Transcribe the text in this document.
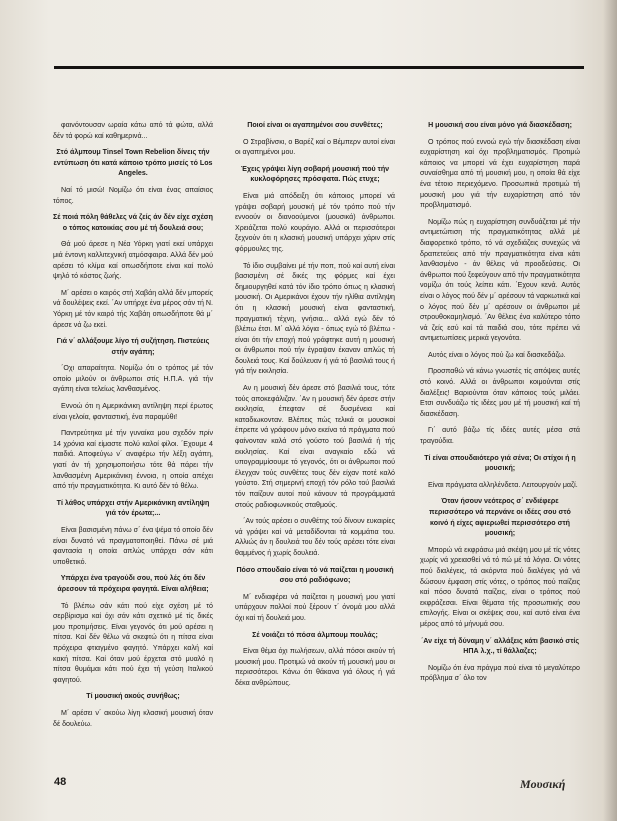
φαινόντουσαν ωραία κάτω από τά φώτα, αλλά δέν τά φορώ καί καθημερινά...

Στό άλμπουμ Tinsel Town Rebelion δίνεις τήν εντύπωση ότι κατά κάποιο τρόπο μισείς τό Los Angeles.

Ναί τό μισώ! Νομίζω ότι είναι ένας απαίσιος τόπος.

Σέ ποιά πόλη θάθελες νά ζείς άν δέν είχε σχέση ο τόπος κατοικίας σου μέ τή δουλειά σου;

Θά μού άρεσε η Νέα Υόρκη γιατί εκεί υπάρχει μιά έντονη καλλιτεχνική ατμόσφαιρα. Αλλά δέν μού αρέσει τό κλίμα καί οπωσδήποτε είναι καί πολύ ψηλό τό κόστος ζωής.

Μ΄ αρέσει ο καιρός στή Χαβάη αλλά δέν μπορείς νά δουλέψεις εκεί. ΄Αν υπήρχε ένα μέρος σάν τή Ν. Υόρκη μέ τόν καιρό τής Χαβάη οπωσδήποτε θά μ΄ άρεσε νά ζω εκεί.

Γιά ν΄ αλλάξουμε λίγο τή συζήτηση. Πιστεύεις στήν αγάπη;

΄Οχι απαραίτητα. Νομίζω ότι ο τρόπος μέ τόν οποίο μιλούν οι άνθρωποι στίς Η.Π.Α. γιά τήν αγάπη είναι τελείως λανθασμένος.

Εννοώ ότι η Αμερικάνικη αντίληψη περί έρωτος είναι γελοία, φανταστική, ένα παραμύθι!

Παντρεύτηκα μέ τήν γυναίκα μου σχεδόν πρίν 14 χρόνια καί είμαστε πολύ καλοί φίλοι. ΄Εχουμε 4 παιδιά. Αποφεύγω ν΄ αναφέρω τήν λέξη αγάπη, γιατί άν τή χρησιμοποιήσω τότε θά πάρει τήν λανθασμένη Αμερικάνικη έννοια, η οποία απέχει από τήν πραγματικότητα. Κι αυτό δέν τό θέλω.

Τί λάθος υπάρχει στήν Αμερικάνικη αντίληψη γιά τόν έρωτα;...

Είναι βασισμένη πάνω σ΄ ένα ψέμα τό οποίο δέν είναι δυνατό νά πραγματοποιηθεί. Πάνω σέ μιά φαντασία η οποία απλώς υπάρχει σάν κάτι υποθετικό.

Υπάρχει ένα τραγούδι σου, πού λές ότι δέν άρεσουν τά πρόχειρα φαγητά. Είναι αλήθεια;

Τό βλέπω σάν κάτι πού είχε σχέση μέ τό σερβίρισμα καί όχι σάν κάτι σχετικό μέ τίς δικές μου προτιμήσεις. Είναι γεγονός ότι μού αρέσει η πίτσα. Καί δέν θέλω νά σκεφτώ ότι η πίτσα είναι πρόχειρα φτιαγμένο φαγητό. Υπάρχει καλή καί κακή πίτσα. Καί όταν μού έρχεται στό μυαλό η πίτσα θυμάμαι κάτι πού έχει τή γεύση Ιταλικού φαγητού.

Τί μουσική ακούς συνήθως;

Μ΄ αρέσει ν΄ ακούω λίγη κλασική μουσική όταν δέ δουλεύω.

Ποιοί είναι οι αγαπημένοι σου συνθέτες;

Ο Στραβίνσκι, ο Βαρέζ καί ο Βέμπερν αυτοί είναι οι αγαπημένοι μου.

Έχεις γράψει λίγη σοβαρή μουσική πού τήν κυκλοφόρησες πρόσφατα. Πώς ετυχε;

Είναι μιά απόδειξη ότι κάποιος μπορεί νά γράψει σοβαρή μουσική μέ τόν τρόπο πού τήν εννοούν οι διανοούμενοι (μουσικά) άνθρωποι. Χρειάζεται πολύ κουράγιο. Αλλά οι περισσότεροι ξεχνούν ότι η κλασική μουσική υπάρχει χάριν στίς φόρμουλες της.

Τό ίδιο συμβαίνει μέ τήν ποπ, πού καί αυτή είναι βασισμένη σέ δικές της φόρμες καί έχει δημιουργηθεί κατά τόν ίδιο τρόπο όπως η κλασική μουσική. Οι Αμερικάνοι έχουν τήν ηλίθια αντίληψη ότι η κλασική μουσική είναι φανταστική, πραγματική τέχνη, γνήσια... αλλά εγώ δέν τό βλέπω έτσι. Μ΄ αλλά λόγια - όπως εγώ τό βλέπω - είναι ότι τήν εποχή πού γράφτηκε αυτή η μουσική οι άνθρωποι πού τήν έγραψαν έκαναν απλώς τή δουλειά τους. Καί δούλευαν ή γιά τό βασιλιά τους ή γιά τήν εκκλησία.

Αν η μουσική δέν άρεσε στό βασιλιά τους, τότε τούς αποκεφάλιζαν. ΄Αν η μουσική δέν άρεσε στήν εκκλησία, έπεφταν σέ δυσμένεια καί καταδιωκονταν. Βλέπεις πώς τελικά οι μουσικοί έπρεπε νά γράφουν μόνο εκείνα τά πράγματα πού φαίνονταν καλά στό γούστο τού βασιλιά ή τής εκκλησίας. Καί είναι αναγκαίο εδώ νά υπογραμμίσουμε τό γεγονός, ότι οι άνθρωποι πού έλεγχαν τούς συνθέτες τους δέν είχαν ποτέ καλό γούστο. Στή σημερινή εποχή τόν ρόλο τού βασιλιά τόν παίζουν αυτοί πού κάνουν τά προγράμματά στούς ραδιοφωνικούς σταθμούς.

΄Αν τούς αρέσει ο συνθέτης τού δίνουν ευκαιρίες νά γράψει καί νά μεταδίδονται τά κομμάτια του. Αλλιώς άν η δουλειά του δέν τούς αρέσει τότε είναι θαμμένος ή χωρίς δουλειά.

Πόσο σπουδαίο είναι τό νά παίζεται η μουσική σου στό ραδιόφωνο;

Μ΄ ενδιαφέρει νά παίζεται η μουσική μου γιατί υπάρχουν πολλοί πού ξέρουν τ΄ όνομά μου αλλά όχι καί τή δουλειά μου.

Σέ νοιάζει τό πόσα άλμπουμ πουλάς;

Είναι θέμα όχι πωλήσεων, αλλά πόσοι ακούν τή μουσική μου. Προτιμώ νά ακούν τή μουσική μου οι περισσότεροι. Κάνω ότι θάκανα γιά όλους ή γιά δέκα ανθρώπους.

Η μουσική σου είναι μόνο γιά διασκέδαση;

Ο τρόπος πού εννοώ εγώ τήν διασκέδαση είναι ευχαρίστηση καί όχι προβληματισμός. Προτιμώ κάποιος να μπορεί νά έχει ευχαρίστηση παρά συναίσθημα από τή μουσική μου, η οποία θά είχε ένα τέτοιο περιεχόμενο. Προσωπικά προτιμώ τή μουσική μου γιά τήν ευχαρίστηση από τόν προβληματισμό.

Νομίζω πώς η ευχαρίστηση συνδυάζεται μέ τήν αντιμετώπιση τής πραγματικότητας αλλά μέ διαφορετικό τρόπο, τό νά σχεδιάζεις συνεχώς νά δραπετεύεις από τήν πραγματικότητα είναι κάτι λανθασμένο - άν θέλεις νά προοδεύσεις. Οι άνθρωποι πού ξεφεύγουν από τήν πραγματικότητα νομίζω ότι τούς λείπει κάτι. ΄Εχουν κενά. Αυτός είναι ο λόγος πού δέν μ΄ αρέσουν τά ναρκωτικά καί ο λόγος πού δέν μ΄ αρέσουν οι άνθρωποι μέ στρουθοκαμηλισμό. ΄Αν θέλεις ένα καλύτερο τόπο νά ζείς εσύ καί τά παιδιά σου, τότε πρέπει νά αντιμετωπίσεις μερικά γεγονότα.

Αυτός είναι ο λόγος πού ζω καί διασκεδάζω.

Προσπαθώ νά κάνω γνωστές τίς απόψεις αυτές στό κοινό. Αλλά οι άνθρωποι κοιμούνται στίς διαλέξεις! Βαριούνται όταν κάποιος τούς μιλάει. Ετσι συνδυάζω τίς ιδέες μου μέ τή μουσική καί τή διασκέδαση.

Γι΄ αυτό βάζω τίς ιδέες αυτές μέσα στά τραγούδια.

Τί είναι σπουδαιότερο γιά σένα; Οι στίχοι ή η μουσική;

Είναι πράγματα αλληλένδετα. Λειτουργούν μαζί.

Όταν ήσουν νεότερος σ΄ ενδιέφερε περισσότερο νά περνάνε οι ιδέες σου στό κοινό ή είχες αφιερωθεί περισσότερο στή μουσική;

Μπορώ νά εκφράσω μιά σκέψη μου μέ τίς νότες χωρίς νά χρειασθεί νά τό πώ μέ τά λόγια. Οι νότες πού διαλέγεις, τά ακόρντα πού διαλέγεις γιά νά δώσουν έμφαση στίς νότες, ο τρόπος πού παίζεις καί πόσο δυνατά παίζεις, είναι ο τρόπος πού εκφράζεσαι. Είναι θέματα τής προσωπικής σου επιλογής. Είναι οι σκέψεις σου, καί αυτό είναι ένα μέρος από τό μήνυμά σου.

΄Αν είχε τή δύναμη ν΄ αλλάξεις κάτι βασικό στίς ΗΠΑ λ.χ., τί θάλλαζες;

Νομίζω ότι ένα πράγμα πού είναι τό μεγαλύτερο πρόβλημα σ΄ όλο τον

48	Μουσική
